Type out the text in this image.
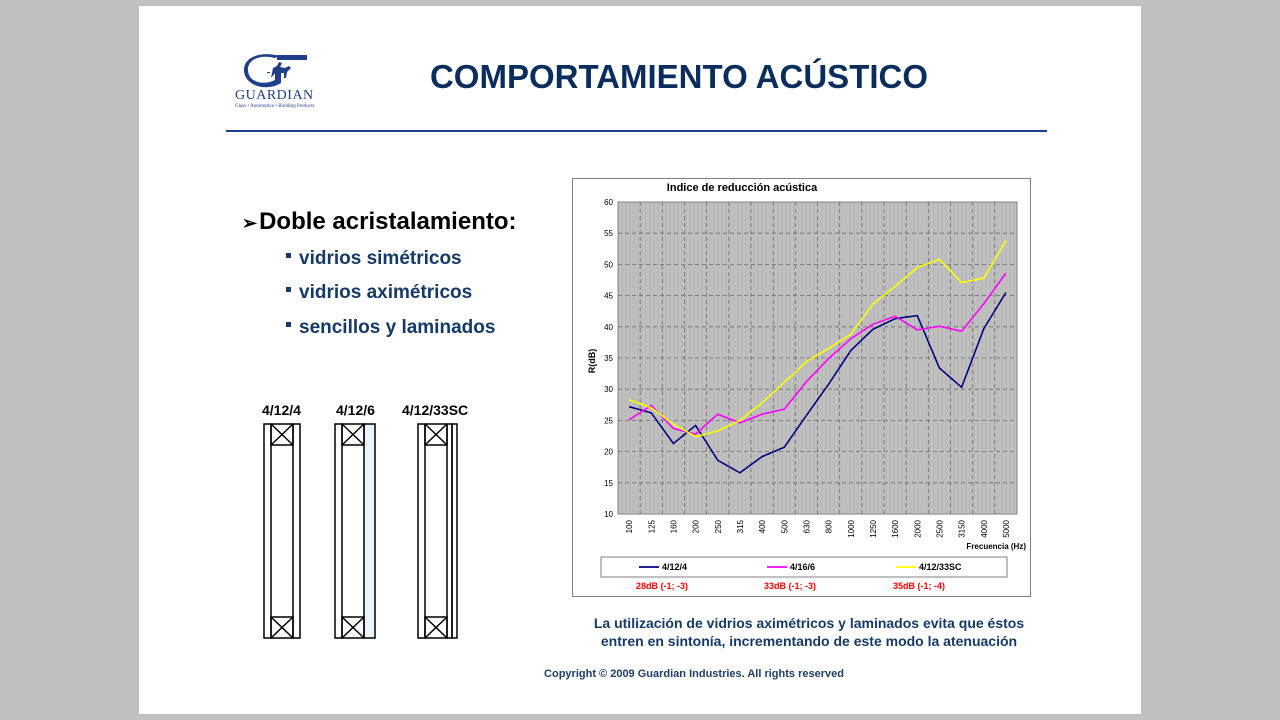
GUARDIAN
Glass • Automotive • Building Products
COMPORTAMIENTO ACÚSTICO
➢Doble acristalamiento:
vidrios simétricos
vidrios aximétricos
sencillos y laminados
4/12/4	4/12/6 4/12/33SC
Indice de reducción acústica
10
15
20
25
30
35
40
45
50
55
60
100 125 160 200 250 315 400 500 630 800 1000 1250 1600 2000 2500 3150 4000 5000
R(dB)
Frecuencia (Hz)
4/12/4	4/16/6	4/12/33SC
28dB (-1; -3)	33dB (-1; -3)	35dB (-1; -4)
La utilización de vidrios aximétricos y laminados evita que éstos
entren en sintonía, incrementando de este modo la atenuación
Copyright © 2009 Guardian Industries. All rights reserved
